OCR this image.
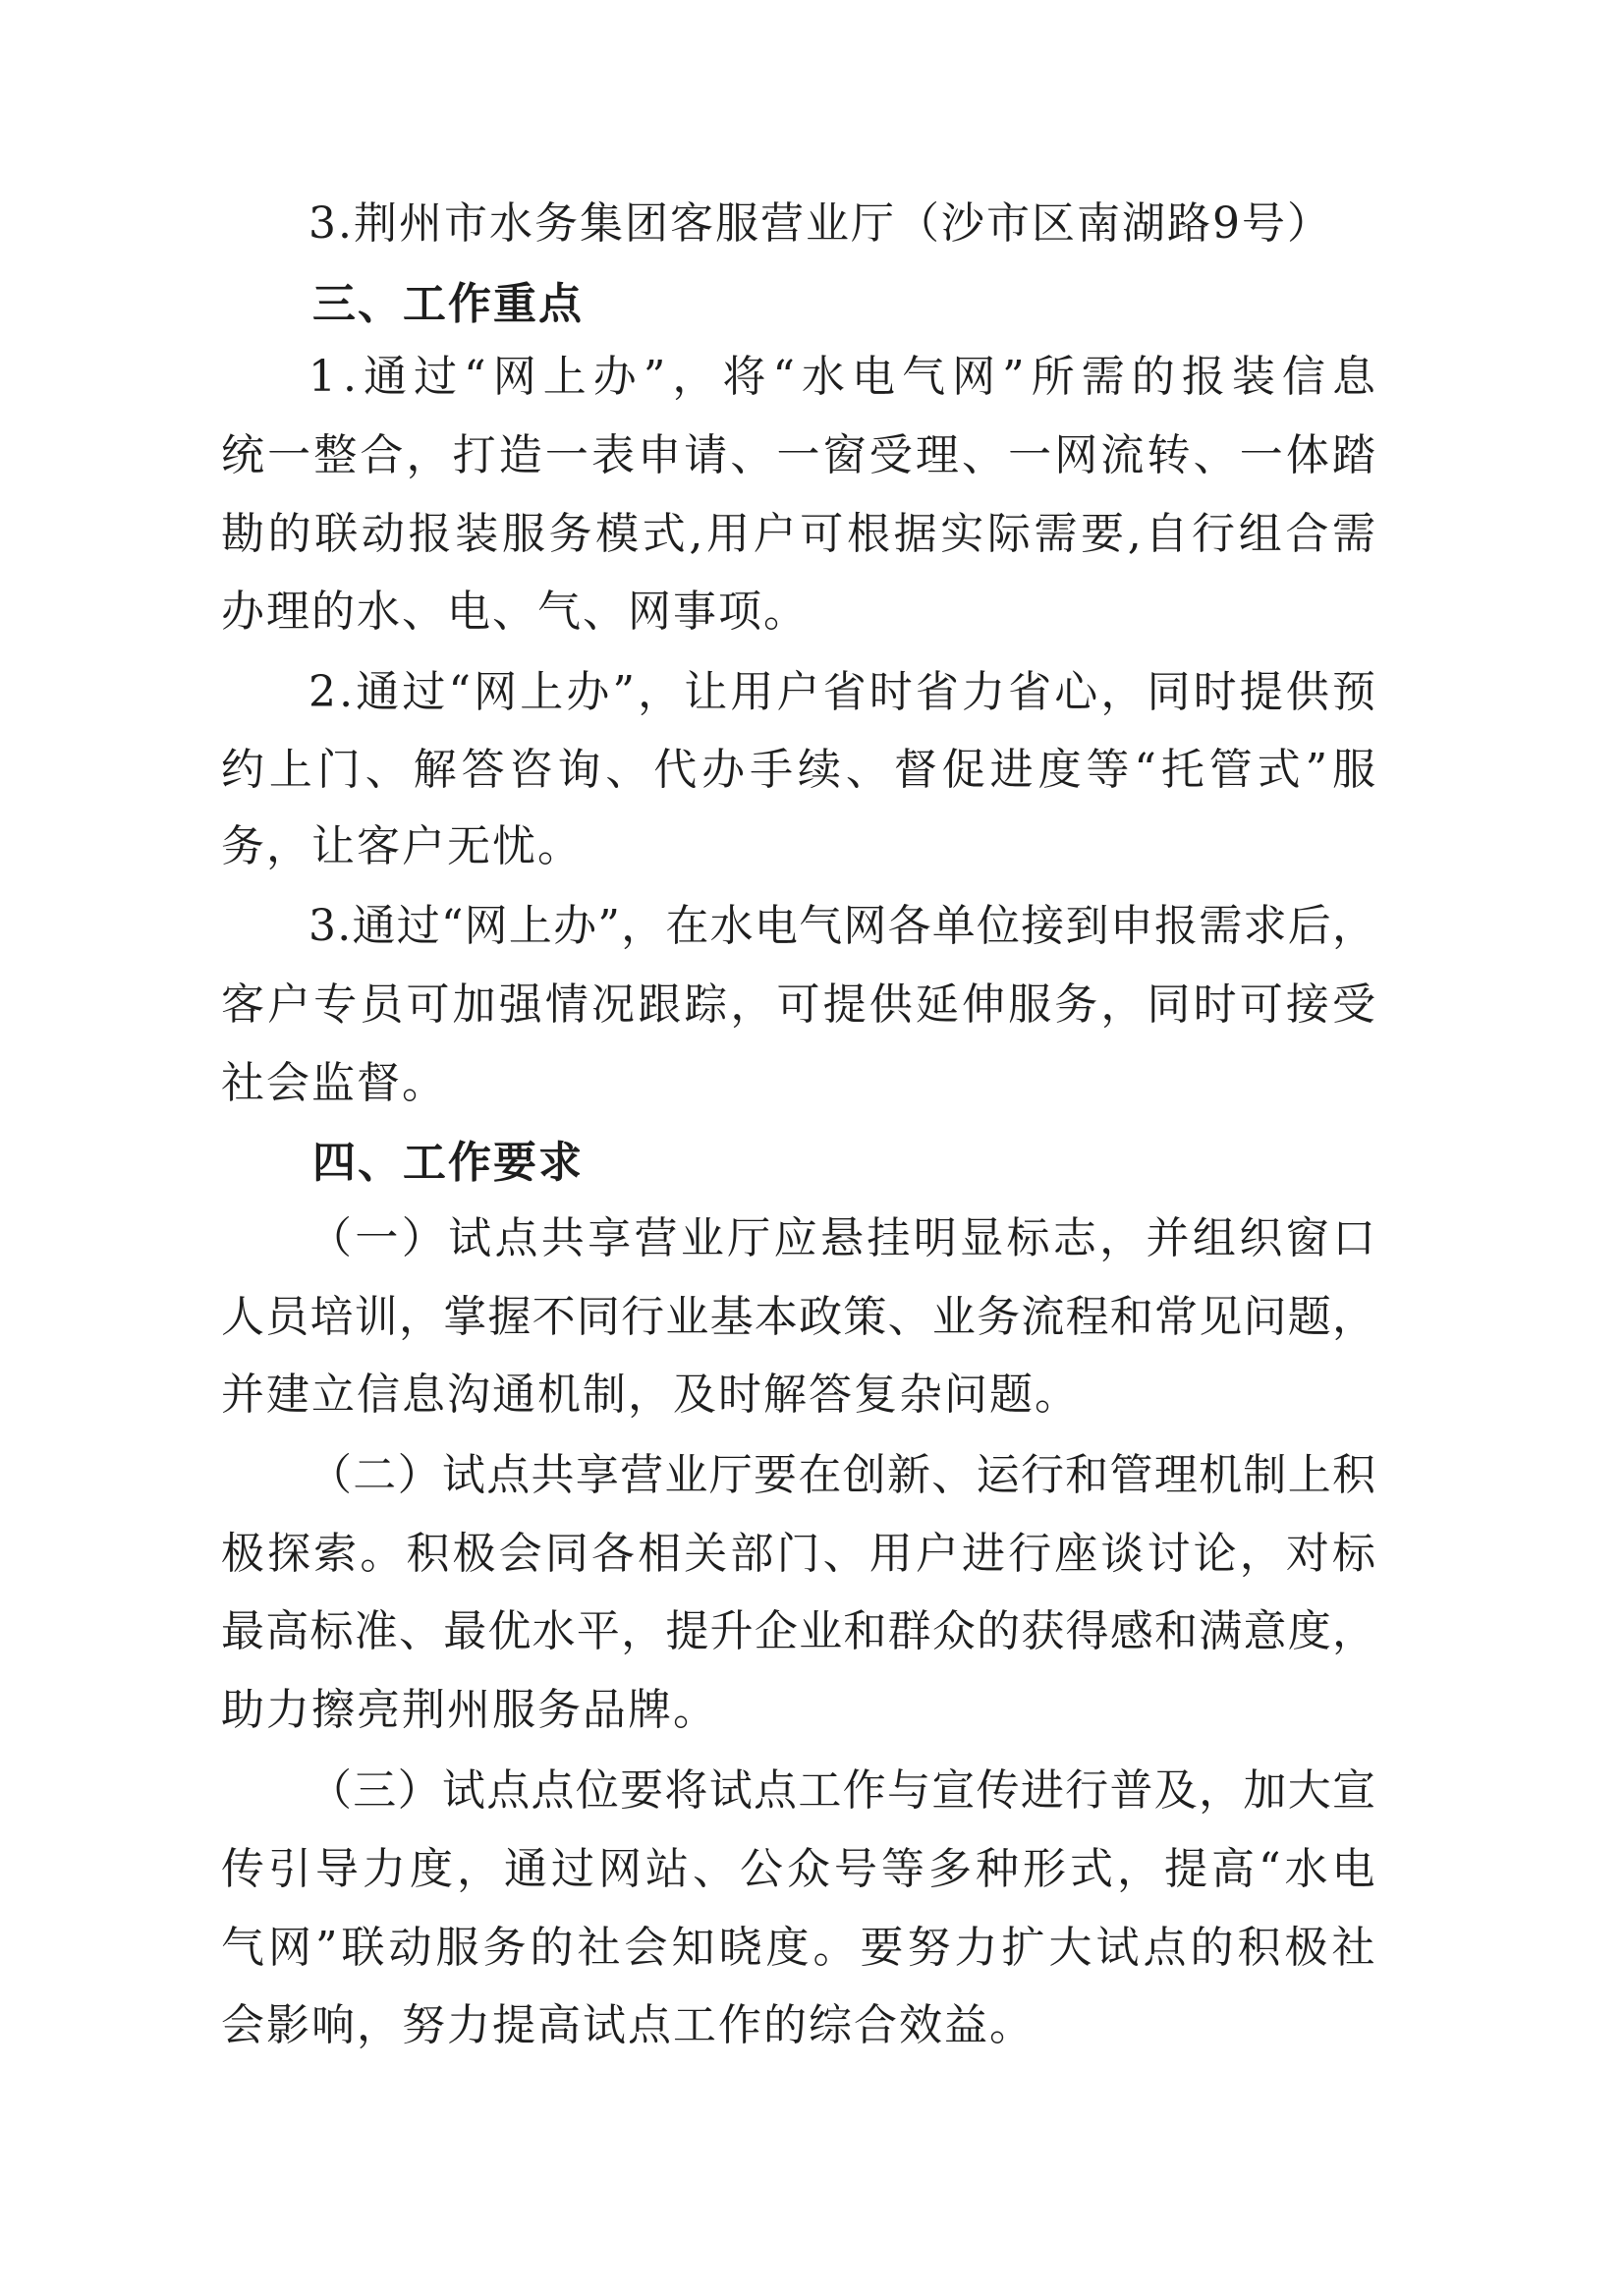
3.荆州市水务集团客服营业厅（沙市区南湖路9号）

三、工作重点

1.通过“网上办”，将“水电气网”所需的报装信息

统一整合，打造一表申请、一窗受理、一网流转、一体踏

勘的联动报装服务模式,用户可根据实际需要,自行组合需

办理的水、电、气、网事项。

2.通过“网上办”，让用户省时省力省心，同时提供预

约上门、解答咨询、代办手续、督促进度等“托管式”服

务，让客户无忧。

3.通过“网上办”，在水电气网各单位接到申报需求后，

客户专员可加强情况跟踪，可提供延伸服务，同时可接受

社会监督。

四、工作要求

（一）试点共享营业厅应悬挂明显标志，并组织窗口

人员培训，掌握不同行业基本政策、业务流程和常见问题，

并建立信息沟通机制，及时解答复杂问题。

（二）试点共享营业厅要在创新、运行和管理机制上积

极探索。积极会同各相关部门、用户进行座谈讨论，对标

最高标准、最优水平，提升企业和群众的获得感和满意度，

助力擦亮荆州服务品牌。

（三）试点点位要将试点工作与宣传进行普及，加大宣

传引导力度，通过网站、公众号等多种形式，提高“水电

气网”联动服务的社会知晓度。要努力扩大试点的积极社

会影响，努力提高试点工作的综合效益。
